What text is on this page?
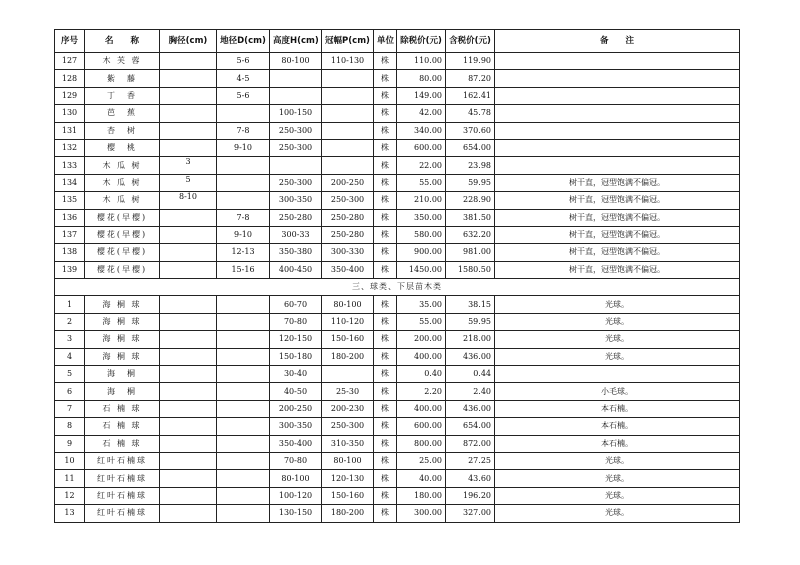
序号	名　　称	胸径(cm)	地径D(cm)	高度H(cm)	冠幅P(cm)	单位	除税价(元)	含税价(元)	备　　注
127	木 芙 蓉		5-6	80-100	110-130	株	110.00	119.90	
128	紫　藤		4-5			株	80.00	87.20	
129	丁　香		5-6			株	149.00	162.41	
130	芭　蕉			100-150		株	42.00	45.78	
131	杏　树		7-8	250-300		株	340.00	370.60	
132	樱　桃		9-10	250-300		株	600.00	654.00	
133	木 瓜 树	3				株	22.00	23.98	
134	木 瓜 树	5		250-300	200-250	株	55.00	59.95	树干直，冠型饱满不偏冠。
135	木 瓜 树	8-10		300-350	250-300	株	210.00	228.90	树干直，冠型饱满不偏冠。
136	樱花(早樱)		7-8	250-280	250-280	株	350.00	381.50	树干直，冠型饱满不偏冠。
137	樱花(早樱)		9-10	300-33	250-280	株	580.00	632.20	树干直，冠型饱满不偏冠。
138	樱花(早樱)		12-13	350-380	300-330	株	900.00	981.00	树干直，冠型饱满不偏冠。
139	樱花(早樱)		15-16	400-450	350-400	株	1450.00	1580.50	树干直，冠型饱满不偏冠。
三、球类、下层苗木类									
1	海 桐 球			60-70	80-100	株	35.00	38.15	光球。
2	海 桐 球			70-80	110-120	株	55.00	59.95	光球。
3	海 桐 球			120-150	150-160	株	200.00	218.00	光球。
4	海 桐 球			150-180	180-200	株	400.00	436.00	光球。
5	海　桐			30-40		株	0.40	0.44	
6	海　桐			40-50	25-30	株	2.20	2.40	小毛球。
7	石 楠 球			200-250	200-230	株	400.00	436.00	本石楠。
8	石 楠 球			300-350	250-300	株	600.00	654.00	本石楠。
9	石 楠 球			350-400	310-350	株	800.00	872.00	本石楠。
10	红叶石楠球			70-80	80-100	株	25.00	27.25	光球。
11	红叶石楠球			80-100	120-130	株	40.00	43.60	光球。
12	红叶石楠球			100-120	150-160	株	180.00	196.20	光球。
13	红叶石楠球			130-150	180-200	株	300.00	327.00	光球。
